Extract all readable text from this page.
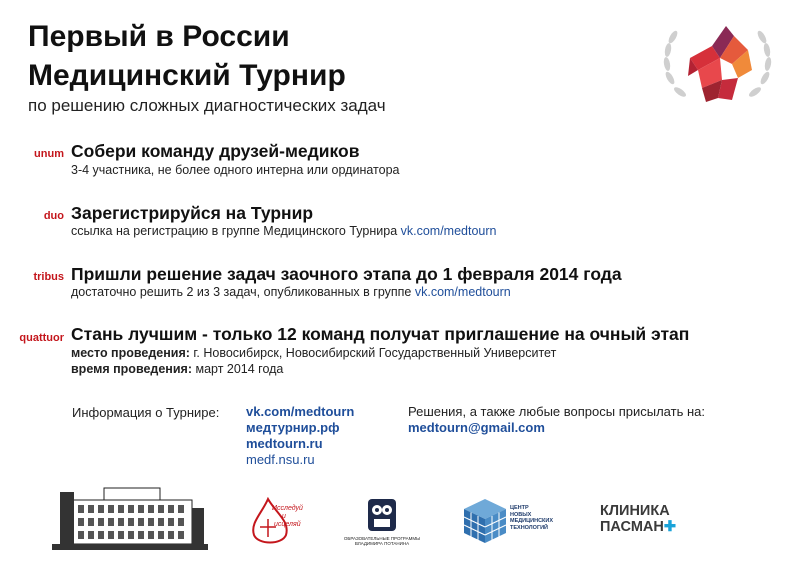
Первый в России
Медицинский Турнир
по решению сложных диагностических задач
unum Собери команду друзей-медиков
3-4 участника, не более одного интерна или ординатора
duo Зарегистрируйся на Турнир
ссылка на регистрацию в группе Медицинского Турнира vk.com/medtourn
tribus Пришли решение задач заочного этапа до 1 февраля 2014 года
достаточно решить 2 из 3 задач, опубликованных в группе vk.com/medtourn
quattuor Стань лучшим - только 12 команд получат приглашение на очный этап
место проведения: г. Новосибирск, Новосибирский Государственный Университет
время проведения: март 2014 года
Информация о Турнире: vk.com/medtourn
медтурнир.рф
medtourn.ru
medf.nsu.ru
Решения, а также любые вопросы присылать на:
medtourn@gmail.com
Исследуй
и
исцеляй
ОБРАЗОВАТЕЛЬНЫЕ ПРОГРАММЫ ВЛАДИМИРА ПОТАНИНА
ЦЕНТР
НОВЫХ
МЕДИЦИНСКИХ
ТЕХНОЛОГИЙ
КЛИНИКА
ПАСМАН✚
